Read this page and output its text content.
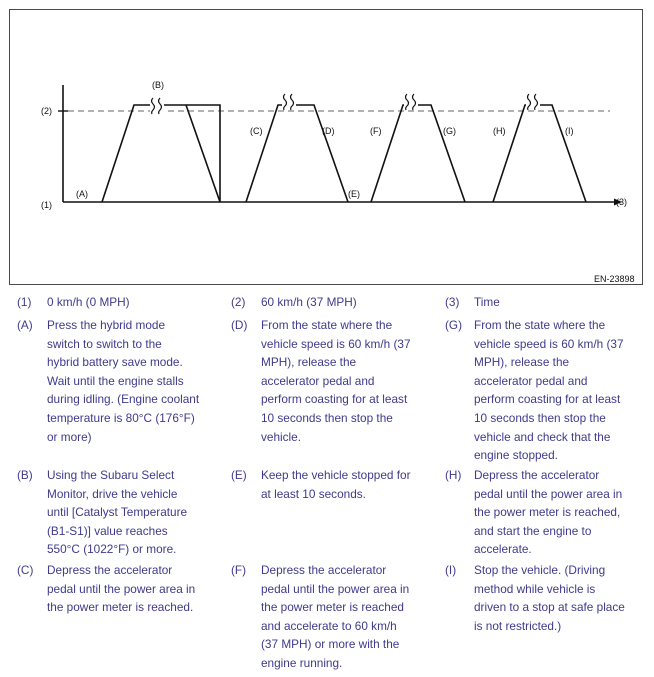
(2)
(1)	(3)
(A)
(B)
(C)	(D)
(E)
(F)	(G)	(H)	(I)
EN-23898
(1) 0 km/h (0 MPH)	(2) 60 km/h (37 MPH)	(3) Time
(A) Press the hybrid mode
switch to switch to the
hybrid battery save mode.
Wait until the engine stalls
during idling. (Engine coolant
temperature is 80°C (176°F)
or more)
(D) From the state where the
vehicle speed is 60 km/h (37
MPH), release the
accelerator pedal and
perform coasting for at least
10 seconds then stop the
vehicle.
(G) From the state where the
vehicle speed is 60 km/h (37
MPH), release the
accelerator pedal and
perform coasting for at least
10 seconds then stop the
vehicle and check that the
engine stopped.
(B) Using the Subaru Select
Monitor, drive the vehicle
until [Catalyst Temperature
(B1-S1)] value reaches
550°C (1022°F) or more.
(E) Keep the vehicle stopped for
at least 10 seconds.
(H) Depress the accelerator
pedal until the power area in
the power meter is reached,
and start the engine to
accelerate.
(C) Depress the accelerator
pedal until the power area in
the power meter is reached.
(F) Depress the accelerator
pedal until the power area in
the power meter is reached
and accelerate to 60 km/h
(37 MPH) or more with the
engine running.
(I) Stop the vehicle. (Driving
method while vehicle is
driven to a stop at safe place
is not restricted.)
